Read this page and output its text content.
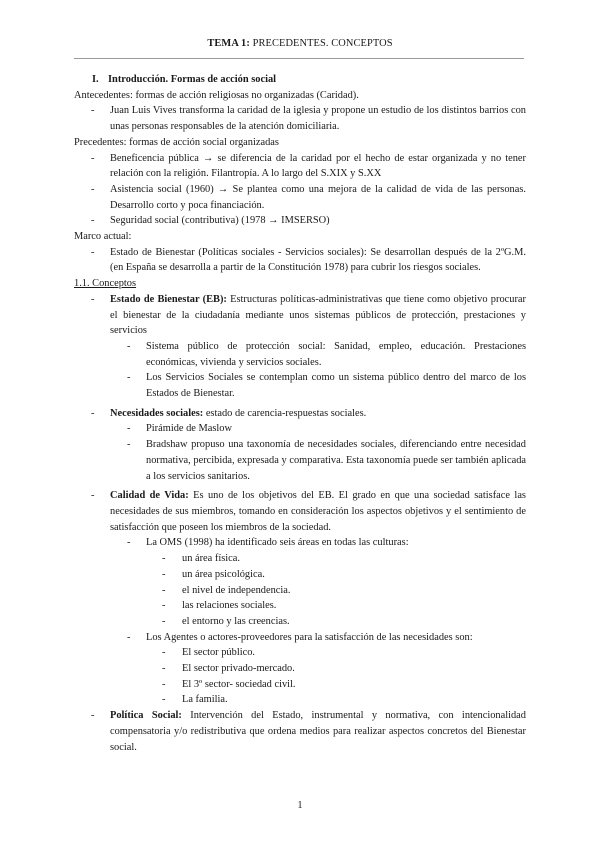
TEMA 1: PRECEDENTES. CONCEPTOS

I. Introducción. Formas de acción social

Antecedentes: formas de acción religiosas no organizadas (Caridad).

- Juan Luis Vives transforma la caridad de la iglesia y propone un estudio de los distintos barrios con unas personas responsables de la atención domiciliaria.

Precedentes: formas de acción social organizadas

- Beneficencia pública → se diferencia de la caridad por el hecho de estar organizada y no tener relación con la religión. Filantropía. A lo largo del S.XIX y S.XX

- Asistencia social (1960) → Se plantea como una mejora de la calidad de vida de las personas. Desarrollo corto y poca financiación.

- Seguridad social (contributiva) (1978 → IMSERSO)

Marco actual:

- Estado de Bienestar (Políticas sociales - Servicios sociales): Se desarrollan después de la 2ºG.M. (en España se desarrolla a partir de la Constitución 1978) para cubrir los riesgos sociales.

1.1. Conceptos

- Estado de Bienestar (EB): Estructuras políticas-administrativas que tiene como objetivo procurar el bienestar de la ciudadanía mediante unos sistemas públicos de protección, prestaciones y servicios

- Sistema público de protección social: Sanidad, empleo, educación. Prestaciones económicas, vivienda y servicios sociales.

- Los Servicios Sociales se contemplan como un sistema público dentro del marco de los Estados de Bienestar.

- Necesidades sociales: estado de carencia-respuestas sociales.

- Pirámide de Maslow

- Bradshaw propuso una taxonomía de necesidades sociales, diferenciando entre necesidad normativa, percibida, expresada y comparativa. Esta taxonomía puede ser también aplicada a los servicios sanitarios.

- Calidad de Vida: Es uno de los objetivos del EB. El grado en que una sociedad satisface las necesidades de sus miembros, tomando en consideración los aspectos objetivos y el sentimiento de satisfacción que poseen los miembros de la sociedad.

- La OMS (1998) ha identificado seis áreas en todas las culturas:

- un área física.

- un área psicológica.

- el nivel de independencia.

- las relaciones sociales.

- el entorno y las creencias.

- Los Agentes o actores-proveedores para la satisfacción de las necesidades son:

- El sector público.

- El sector privado-mercado.

- El 3º sector- sociedad civil.

- La familia.

- Política Social: Intervención del Estado, instrumental y normativa, con intencionalidad compensatoria y/o redistributiva que ordena medios para realizar aspectos concretos del Bienestar social.

1
